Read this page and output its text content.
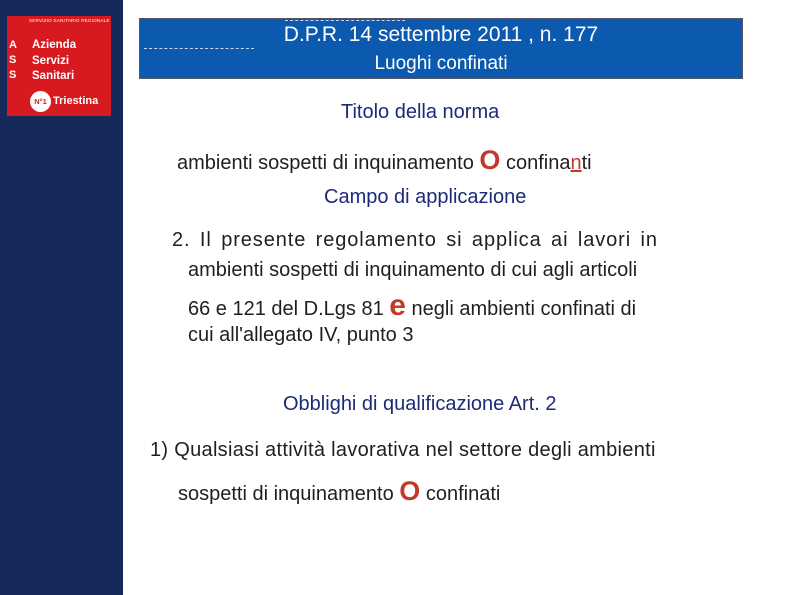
SERVIZIO SANITARIO REGIONALE
A
S
S
Azienda
Servizi
Sanitari
N°1 Triestina
D.P.R. 14 settembre 2011 , n. 177
Luoghi confinati
Titolo della norma
ambienti sospetti di inquinamento O confinanti
Campo di applicazione
2. Il presente regolamento si applica ai lavori in
ambienti sospetti di inquinamento di cui agli articoli
66 e 121 del D.Lgs 81 e negli ambienti confinati di
cui all'allegato IV, punto 3
Obblighi di qualificazione Art. 2
1) Qualsiasi attività lavorativa nel settore degli ambienti
sospetti di inquinamento O confinati
